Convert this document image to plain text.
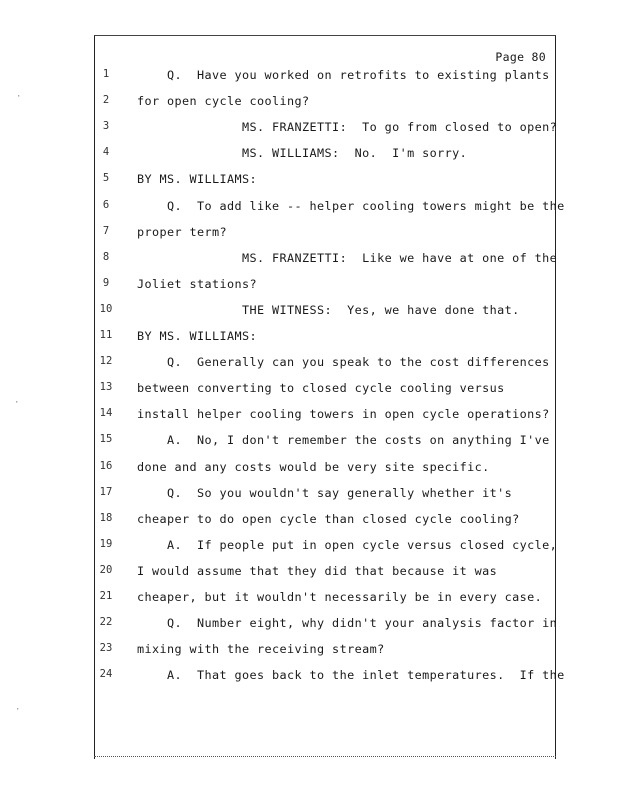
Page 80
1	Q.  Have you worked on retrofits to existing plants
2	for open cycle cooling?
3	MS. FRANZETTI:  To go from closed to open?
4	MS. WILLIAMS:  No.  I'm sorry.
5	BY MS. WILLIAMS:
6	Q.  To add like -- helper cooling towers might be the
7	proper term?
8	MS. FRANZETTI:  Like we have at one of the
9	Joliet stations?
10	THE WITNESS:  Yes, we have done that.
11	BY MS. WILLIAMS:
12	Q.  Generally can you speak to the cost differences
13	between converting to closed cycle cooling versus
14	install helper cooling towers in open cycle operations?
15	A.  No, I don't remember the costs on anything I've
16	done and any costs would be very site specific.
17	Q.  So you wouldn't say generally whether it's
18	cheaper to do open cycle than closed cycle cooling?
19	A.  If people put in open cycle versus closed cycle,
20	I would assume that they did that because it was
21	cheaper, but it wouldn't necessarily be in every case.
22	Q.  Number eight, why didn't your analysis factor in
23	mixing with the receiving stream?
24	A.  That goes back to the inlet temperatures.  If the
·
·
·
